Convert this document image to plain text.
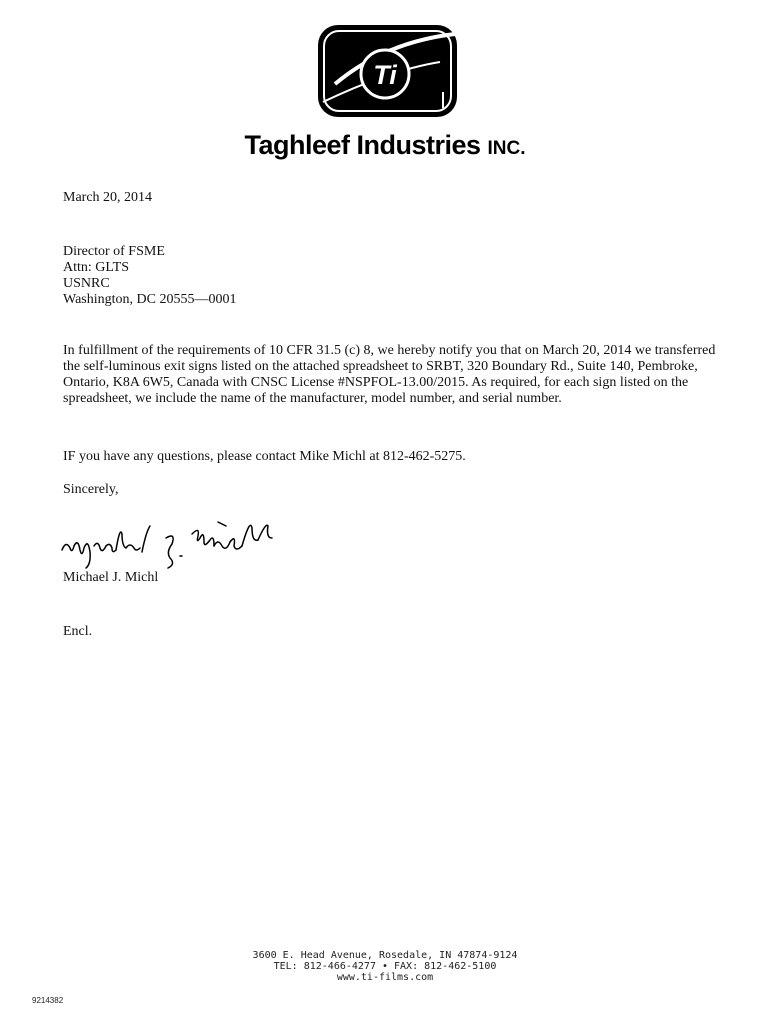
Ti
Taghleef Industries INC.
March 20, 2014
Director of FSME
Attn: GLTS
USNRC
Washington, DC 20555—0001
In fulfillment of the requirements of 10 CFR 31.5 (c) 8, we hereby notify you that on March 20, 2014 we transferred the self-luminous exit signs listed on the attached spreadsheet to SRBT, 320 Boundary Rd., Suite 140, Pembroke, Ontario, K8A 6W5, Canada with CNSC License #NSPFOL-13.00/2015. As required, for each sign listed on the spreadsheet, we include the name of the manufacturer, model number, and serial number.
IF you have any questions, please contact Mike Michl at 812-462-5275.
Sincerely,
Michael J. Michl
Encl.
3600 E. Head Avenue, Rosedale, IN 47874-9124
TEL: 812-466-4277 • FAX: 812-462-5100
www.ti-films.com
9214382
